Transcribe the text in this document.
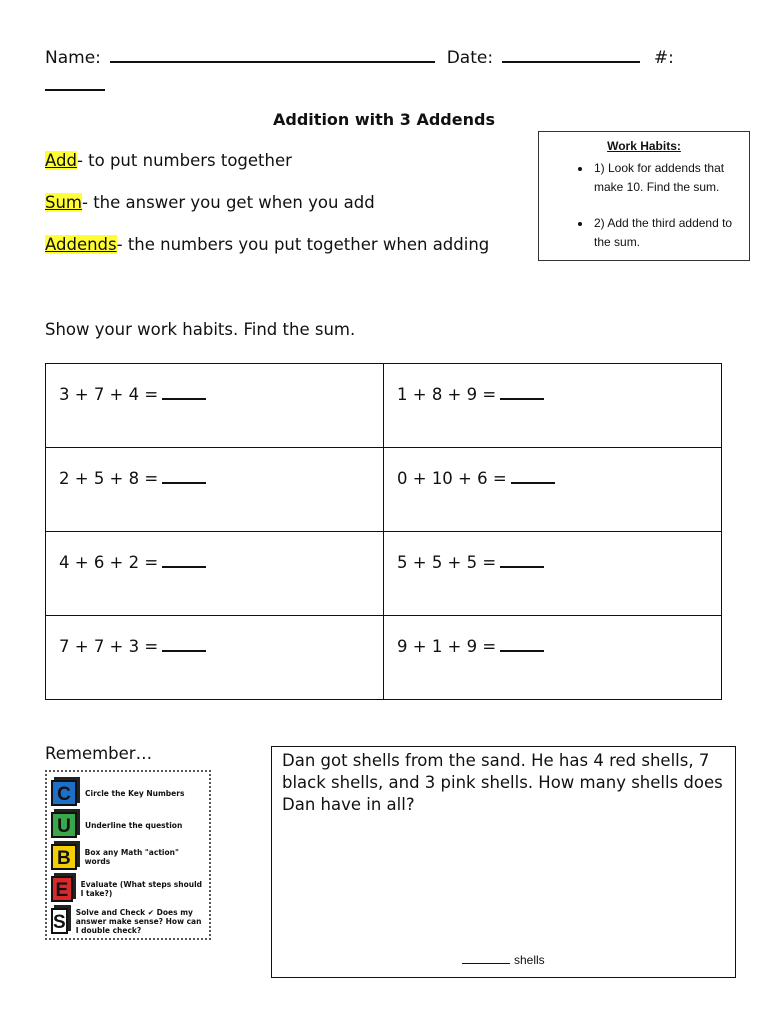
Name:	Date:	#:

Addition with 3 Addends
Add- to put numbers together
Sum- the answer you get when you add
Addends- the numbers you put together when adding
Work Habits:
• 1) Look for addends that make 10. Find the sum.
• 2) Add the third addend to the sum.
Show your work habits. Find the sum.
3 + 7 + 4 =	1 + 8 + 9 =
2 + 5 + 8 =	0 + 10 + 6 =
4 + 6 + 2 =	5 + 5 + 5 =
7 + 7 + 3 =	9 + 1 + 9 =
Remember…
C	Circle the Key Numbers
U	Underline the question
B	Box any Math "action" words
E	Evaluate (What steps should I take?)
S Solve and Check ✔ Does my answer make sense? How can I double check?
Dan got shells from the sand. He has 4 red shells, 7 black shells, and 3 pink shells. How many shells does Dan have in all?
shells
